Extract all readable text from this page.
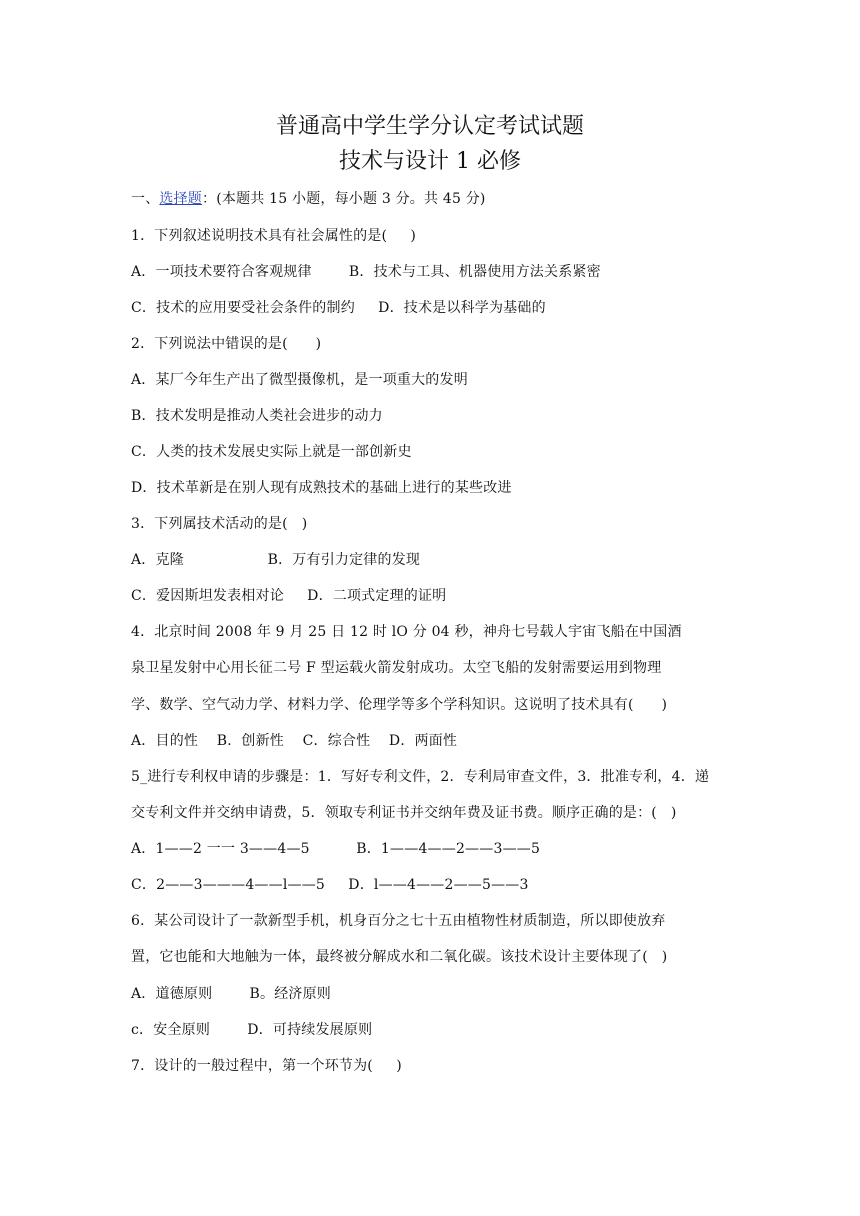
普通高中学生学分认定考试试题
技术与设计 1 必修
一、选择题：(本题共 15 小题，每小题 3 分。共 45 分)
1．下列叙述说明技术具有社会属性的是(     )
A．一项技术要符合客观规律        B．技术与工具、机器使用方法关系紧密
C．技术的应用要受社会条件的制约     D．技术是以科学为基础的
2．下列说法中错误的是(      )
A．某厂今年生产出了微型摄像机，是一项重大的发明
B．技术发明是推动人类社会进步的动力
C．人类的技术发展史实际上就是一部创新史
D．技术革新是在别人现有成熟技术的基础上进行的某些改进
3．下列属技术活动的是(   )
A．克隆                  B．万有引力定律的发现
C．爱因斯坦发表相对论     D．二项式定理的证明
4．北京时间 2008 年 9 月 25 日 12 时 lO 分 04 秒，神舟七号载人宇宙飞船在中国酒
泉卫星发射中心用长征二号 F 型运载火箭发射成功。太空飞船的发射需要运用到物理
学、数学、空气动力学、材料力学、伦理学等多个学科知识。这说明了技术具有(      )
A．目的性    B．创新性    C．综合性    D．两面性
5_进行专利权申请的步骤是：1．写好专利文件，2．专利局审查文件，3．批准专利，4．递
交专利文件并交纳申请费，5．领取专利证书并交纳年费及证书费。顺序正确的是：(   )
A．1——2 一一 3——4—5          B．1——4——2——3——5
C．2——3———4——l——5     D．l——4——2——5——3
6．某公司设计了一款新型手机，机身百分之七十五由植物性材质制造，所以即使放弃
置，它也能和大地触为一体，最终被分解成水和二氧化碳。该技术设计主要体现了(   )
A．道德原则        B。经济原则
c．安全原则        D．可持续发展原则
7．设计的一般过程中，第一个环节为(     )
